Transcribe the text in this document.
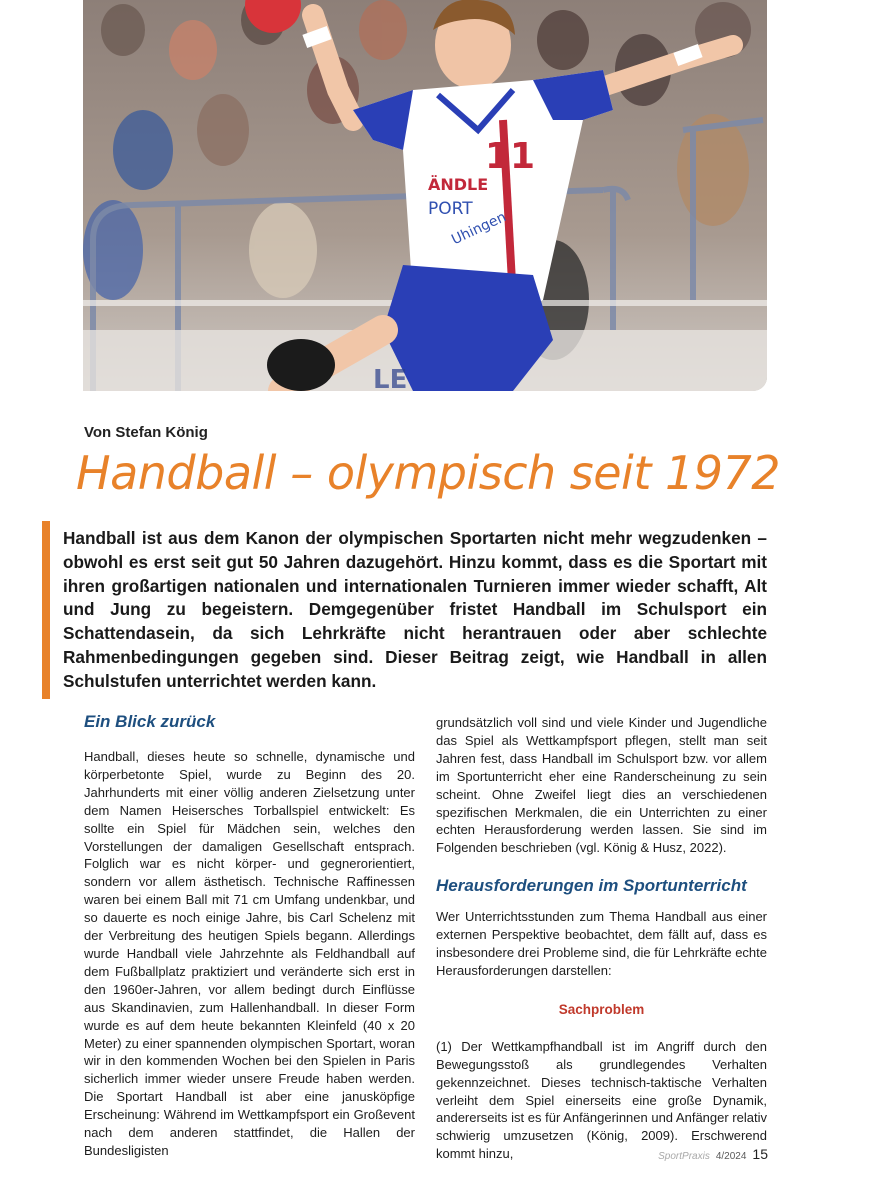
11
ÄNDLE
PORT
Uhingen
LE
Von Stefan König
Handball – olympisch seit 1972

Handball ist aus dem Kanon der olympischen Sportarten nicht mehr wegzudenken – obwohl es erst seit gut 50 Jahren dazugehört. Hinzu kommt, dass es die Sportart mit ihren großartigen nationalen und internationalen Turnieren immer wieder schafft, Alt und Jung zu begeistern. Demgegenüber fristet Handball im Schulsport ein Schattendasein, da sich Lehrkräfte nicht herantrauen oder aber schlechte Rahmenbedingungen gegeben sind. Dieser Beitrag zeigt, wie Handball in allen Schulstufen unterrichtet werden kann.

Ein Blick zurück

Handball, dieses heute so schnelle, dynamische und körperbetonte Spiel, wurde zu Beginn des 20. Jahrhunderts mit einer völlig anderen Zielsetzung unter dem Namen Heisersches Torballspiel entwickelt: Es sollte ein Spiel für Mädchen sein, welches den Vorstellungen der damaligen Gesellschaft entsprach. Folglich war es nicht körper- und gegnerorientiert, sondern vor allem ästhetisch. Technische Raffinessen waren bei einem Ball mit 71 cm Umfang undenkbar, und so dauerte es noch einige Jahre, bis Carl Schelenz mit der Verbreitung des heutigen Spiels begann. Allerdings wurde Handball viele Jahrzehnte als Feldhandball auf dem Fußballplatz praktiziert und veränderte sich erst in den 1960er-Jahren, vor allem bedingt durch Einflüsse aus Skandinavien, zum Hallenhandball. In dieser Form wurde es auf dem heute bekannten Kleinfeld (40 x 20 Meter) zu einer spannenden olympischen Sportart, woran wir in den kommenden Wochen bei den Spielen in Paris sicherlich immer wieder unsere Freude haben werden. Die Sportart Handball ist aber eine janusköpfige Erscheinung: Während im Wettkampfsport ein Großevent nach dem anderen stattfindet, die Hallen der Bundesligisten

grundsätzlich voll sind und viele Kinder und Jugendliche das Spiel als Wettkampfsport pflegen, stellt man seit Jahren fest, dass Handball im Schulsport bzw. vor allem im Sportunterricht eher eine Randerscheinung zu sein scheint. Ohne Zweifel liegt dies an verschiedenen spezifischen Merkmalen, die ein Unterrichten zu einer echten Herausforderung werden lassen. Sie sind im Folgenden beschrieben (vgl. König & Husz, 2022).

Herausforderungen im Sportunterricht

Wer Unterrichtsstunden zum Thema Handball aus einer externen Perspektive beobachtet, dem fällt auf, dass es insbesondere drei Probleme sind, die für Lehrkräfte echte Herausforderungen darstellen:

Sachproblem

(1) Der Wettkampfhandball ist im Angriff durch den Bewegungsstoß als grundlegendes Verhalten gekennzeichnet. Dieses technisch-taktische Verhalten verleiht dem Spiel einerseits eine große Dynamik, andererseits ist es für Anfängerinnen und Anfänger relativ schwierig umzusetzen (König, 2009). Erschwerend kommt hinzu,	SportPraxis 4/2024 15
